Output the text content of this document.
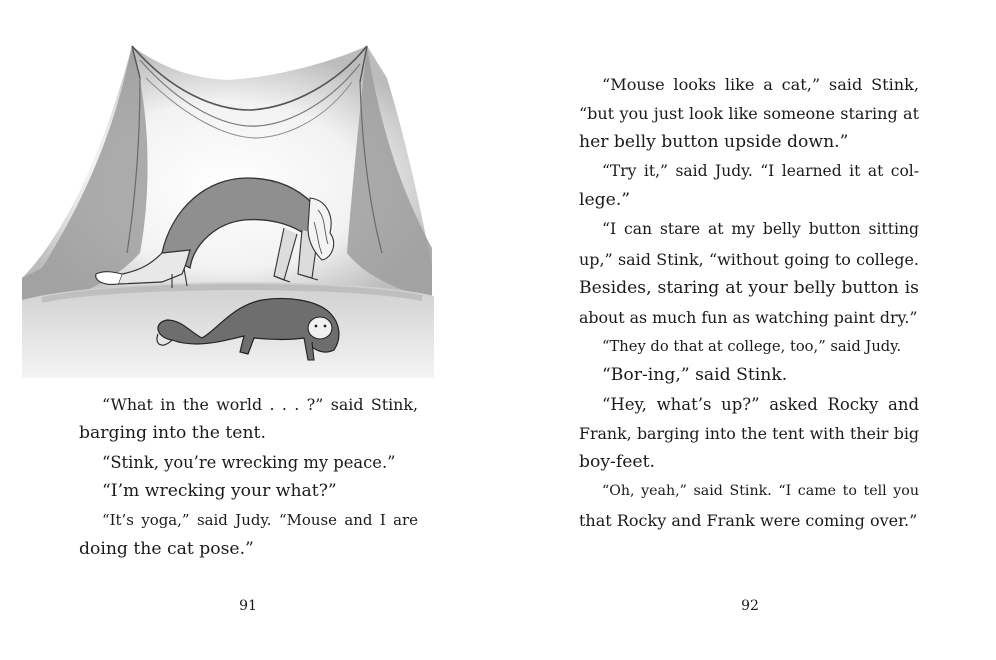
“What in the world . . . ?” said Stink,
barging into the tent.

“Stink, you’re wrecking my peace.”

“I’m wrecking your what?”

“It’s yoga,” said Judy. “Mouse and I are
doing the cat pose.”

91

“Mouse looks like a cat,” said Stink,
“but you just look like someone staring at
her belly button upside down.”

“Try it,” said Judy. “I learned it at col-
lege.”

“I can stare at my belly button sitting
up,” said Stink, “without going to college.
Besides, staring at your belly button is
about as much fun as watching paint dry.”

“They do that at college, too,” said Judy.

“Bor-ing,” said Stink.

“Hey, what’s up?” asked Rocky and
Frank, barging into the tent with their big
boy-feet.

“Oh, yeah,” said Stink. “I came to tell you
that Rocky and Frank were coming over.”

92
